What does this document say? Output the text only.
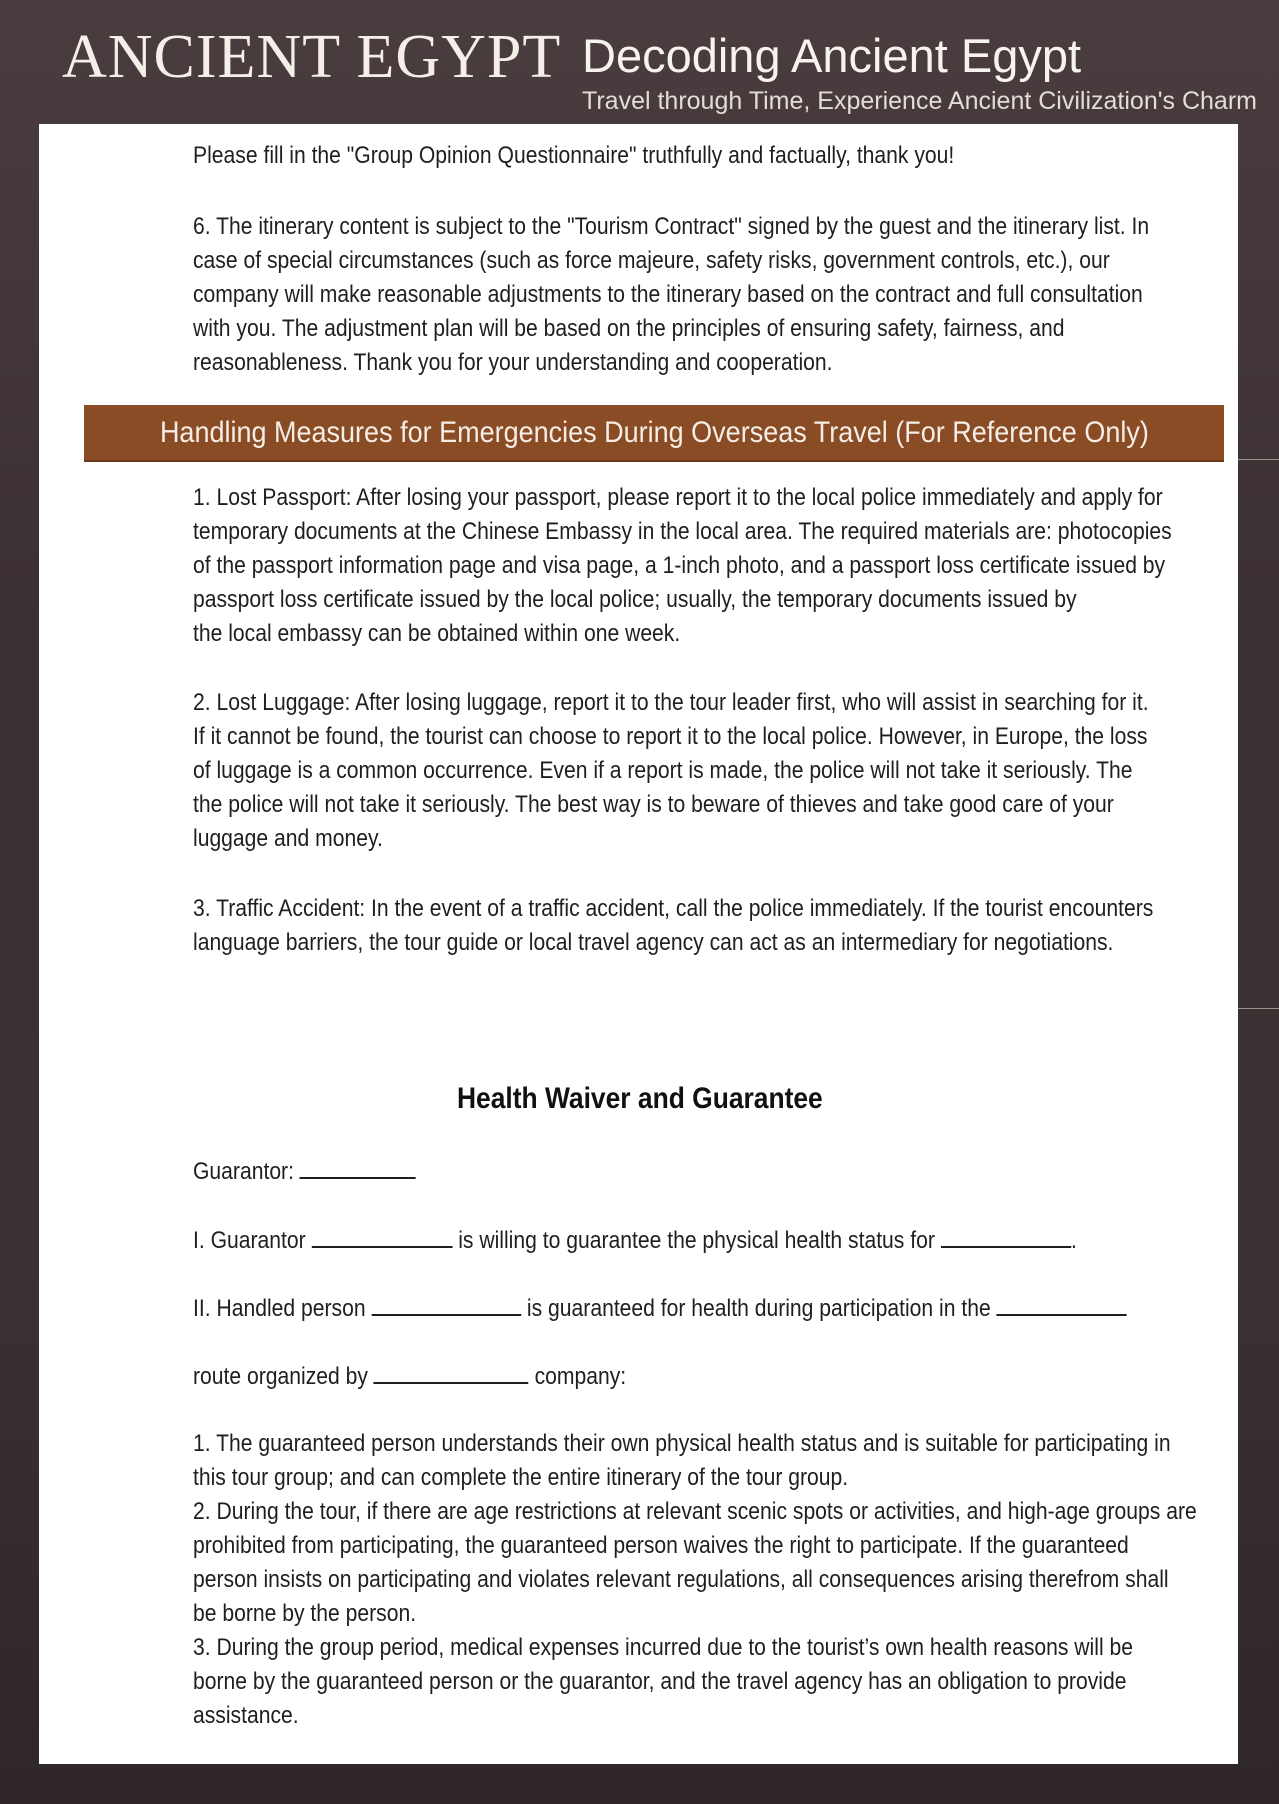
ANCIENT EGYPT Decoding Ancient Egypt
Travel through Time, Experience Ancient Civilization's Charm

Please fill in the "Group Opinion Questionnaire" truthfully and factually, thank you!

6. The itinerary content is subject to the "Tourism Contract" signed by the guest and the itinerary list. In
case of special circumstances (such as force majeure, safety risks, government controls, etc.), our
company will make reasonable adjustments to the itinerary based on the contract and full consultation
with you. The adjustment plan will be based on the principles of ensuring safety, fairness, and
reasonableness. Thank you for your understanding and cooperation.

Handling Measures for Emergencies During Overseas Travel (For Reference Only)

1. Lost Passport: After losing your passport, please report it to the local police immediately and apply for
temporary documents at the Chinese Embassy in the local area. The required materials are: photocopies
of the passport information page and visa page, a 1-inch photo, and a passport loss certificate issued by
passport loss certificate issued by the local police; usually, the temporary documents issued by
the local embassy can be obtained within one week.

2. Lost Luggage: After losing luggage, report it to the tour leader first, who will assist in searching for it.
If it cannot be found, the tourist can choose to report it to the local police. However, in Europe, the loss
of luggage is a common occurrence. Even if a report is made, the police will not take it seriously. The
the police will not take it seriously. The best way is to beware of thieves and take good care of your
luggage and money.

3. Traffic Accident: In the event of a traffic accident, call the police immediately. If the tourist encounters
language barriers, the tour guide or local travel agency can act as an intermediary for negotiations.

Health Waiver and Guarantee

Guarantor:

I. Guarantor	is willing to guarantee the physical health status for	.

II. Handled person	is guaranteed for health during participation in the

route organized by	company:

1. The guaranteed person understands their own physical health status and is suitable for participating in
this tour group; and can complete the entire itinerary of the tour group.
2. During the tour, if there are age restrictions at relevant scenic spots or activities, and high-age groups are
prohibited from participating, the guaranteed person waives the right to participate. If the guaranteed
person insists on participating and violates relevant regulations, all consequences arising therefrom shall
be borne by the person.
3. During the group period, medical expenses incurred due to the tourist’s own health reasons will be
borne by the guaranteed person or the guarantor, and the travel agency has an obligation to provide
assistance.
